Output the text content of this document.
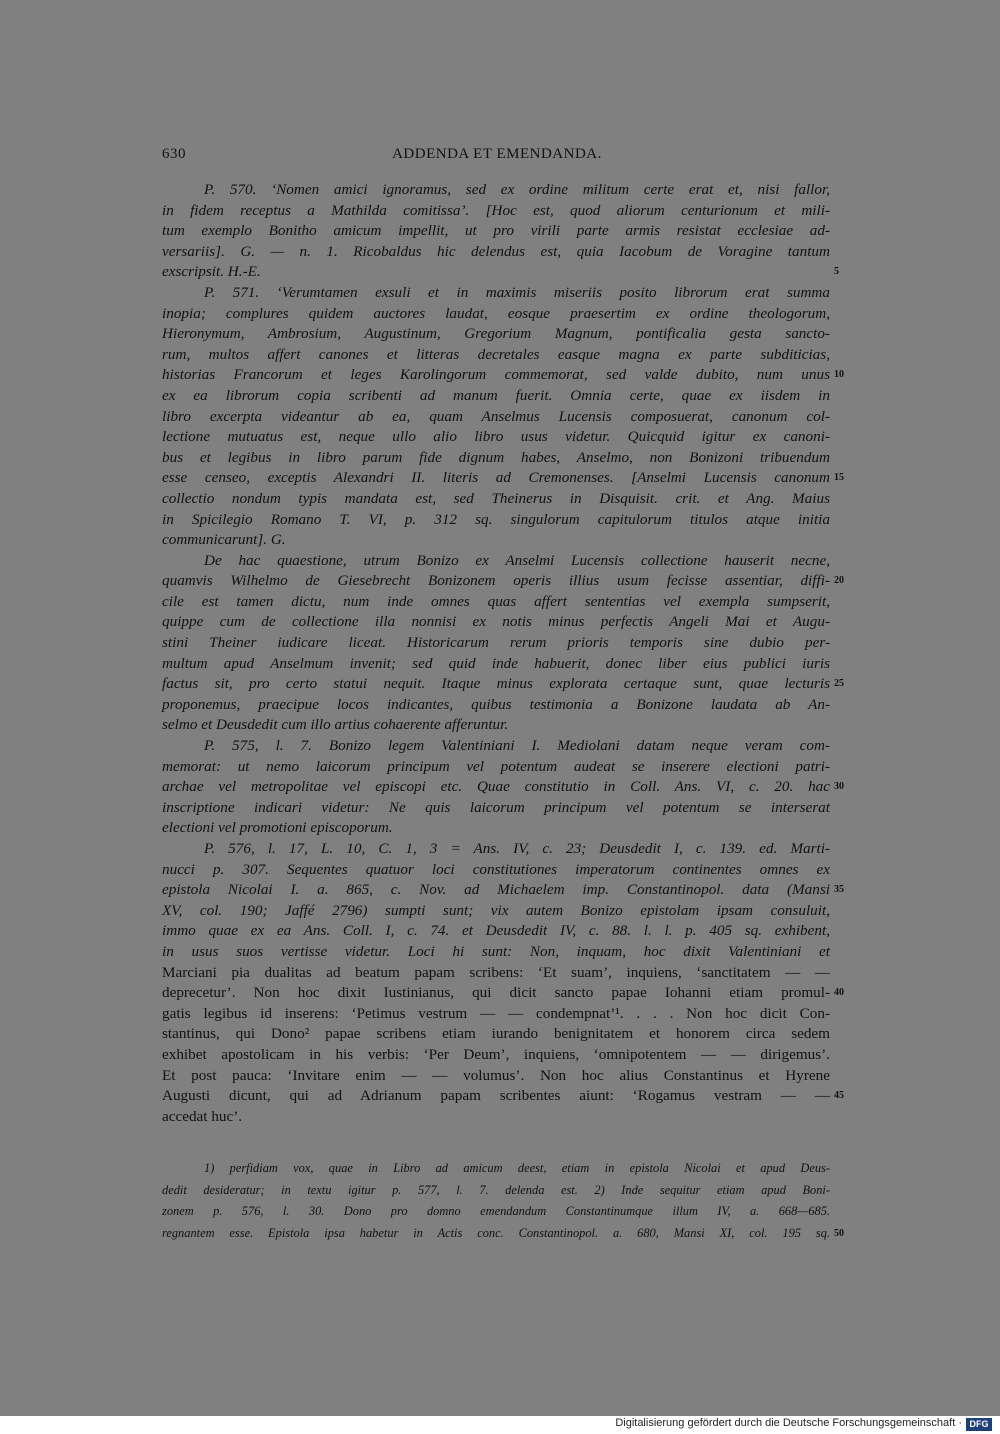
630	ADDENDA ET EMENDANDA.
P. 570. ‘Nomen amici ignoramus, sed ex ordine militum certe erat et, nisi fallor,
in fidem receptus a Mathilda comitissa’. [Hoc est, quod aliorum centurionum et mili-
tum exemplo Bonitho amicum impellit, ut pro virili parte armis resistat ecclesiae ad-
versariis]. G. — n. 1. Ricobaldus hic delendus est, quia Iacobum de Voragine tantum
exscripsit. H.-E.	5
P. 571. ‘Verumtamen exsuli et in maximis miseriis posito librorum erat summa
inopia; complures quidem auctores laudat, eosque praesertim ex ordine theologorum,
Hieronymum, Ambrosium, Augustinum, Gregorium Magnum, pontificalia gesta sancto-
rum, multos affert canones et litteras decretales easque magna ex parte subditicias,
historias Francorum et leges Karolingorum commemorat, sed valde dubito, num unus 10
ex ea librorum copia scribenti ad manum fuerit. Omnia certe, quae ex iisdem in
libro excerpta videantur ab ea, quam Anselmus Lucensis composuerat, canonum col-
lectione mutuatus est, neque ullo alio libro usus videtur. Quicquid igitur ex canoni-
bus et legibus in libro parum fide dignum habes, Anselmo, non Bonizoni tribuendum
esse censeo, exceptis Alexandri II. literis ad Cremonenses. [Anselmi Lucensis canonum 15
collectio nondum typis mandata est, sed Theinerus in Disquisit. crit. et Ang. Maius
in Spicilegio Romano T. VI, p. 312 sq. singulorum capitulorum titulos atque initia
communicarunt]. G.
De hac quaestione, utrum Bonizo ex Anselmi Lucensis collectione hauserit necne,
quamvis Wilhelmo de Giesebrecht Bonizonem operis illius usum fecisse assentiar, diffi- 20
cile est tamen dictu, num inde omnes quas affert sententias vel exempla sumpserit,
quippe cum de collectione illa nonnisi ex notis minus perfectis Angeli Mai et Augu-
stini Theiner iudicare liceat. Historicarum rerum prioris temporis sine dubio per-
multum apud Anselmum invenit; sed quid inde habuerit, donec liber eius publici iuris
factus sit, pro certo statui nequit. Itaque minus explorata certaque sunt, quae lecturis 25
proponemus, praecipue locos indicantes, quibus testimonia a Bonizone laudata ab An-
selmo et Deusdedit cum illo artius cohaerente afferuntur.
P. 575, l. 7. Bonizo legem Valentiniani I. Mediolani datam neque veram com-
memorat: ut nemo laicorum principum vel potentum audeat se inserere electioni patri-
archae vel metropolitae vel episcopi etc. Quae constitutio in Coll. Ans. VI, c. 20. hac 30
inscriptione indicari videtur: Ne quis laicorum principum vel potentum se interserat
electioni vel promotioni episcoporum.
P. 576, l. 17, L. 10, C. 1, 3 = Ans. IV, c. 23; Deusdedit I, c. 139. ed. Marti-
nucci p. 307. Sequentes quatuor loci constitutiones imperatorum continentes omnes ex
epistola Nicolai I. a. 865, c. Nov. ad Michaelem imp. Constantinopol. data (Mansi 35
XV, col. 190; Jaffé 2796) sumpti sunt; vix autem Bonizo epistolam ipsam consuluit,
immo quae ex ea Ans. Coll. I, c. 74. et Deusdedit IV, c. 88. l. l. p. 405 sq. exhibent,
in usus suos vertisse videtur. Loci hi sunt: Non, inquam, hoc dixit Valentiniani et
Marciani pia dualitas ad beatum papam scribens: ‘Et suam’, inquiens, ‘sanctitatem — —
deprecetur’. Non hoc dixit Iustinianus, qui dicit sancto papae Iohanni etiam promul- 40
gatis legibus id inserens: ‘Petimus vestrum — — condempnat’¹. . . . Non hoc dicit Con-
stantinus, qui Dono² papae scribens etiam iurando benignitatem et honorem circa sedem
exhibet apostolicam in his verbis: ‘Per Deum’, inquiens, ‘omnipotentem — — dirigemus’.
Et post pauca: ‘Invitare enim — — volumus’. Non hoc alius Constantinus et Hyrene
Augusti dicunt, qui ad Adrianum papam scribentes aiunt: ‘Rogamus vestram — — 45
accedat huc’.
1) perfidiam vox, quae in Libro ad amicum deest, etiam in epistola Nicolai et apud Deus-
dedit desideratur; in textu igitur p. 577, l. 7. delenda est. 2) Inde sequitur etiam apud Boni-
zonem p. 576, l. 30. Dono pro domno emendandum Constantinumque illum IV, a. 668—685.
regnantem esse. Epistola ipsa habetur in Actis conc. Constantinopol. a. 680, Mansi XI, col. 195 sq. 50
Digitalisierung gefördert durch die Deutsche Forschungsgemeinschaft · DFG
